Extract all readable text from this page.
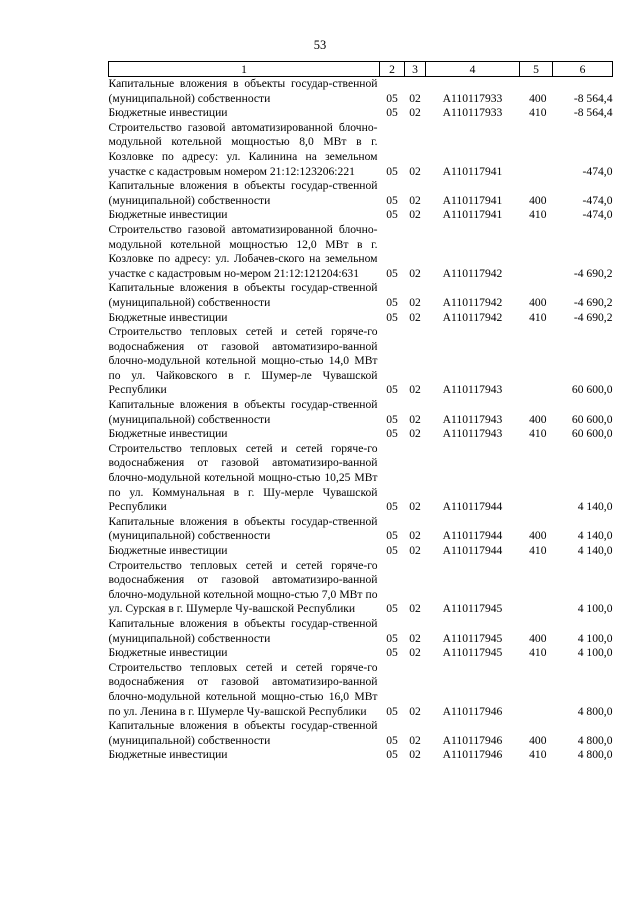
53
1	2	3	4	5	6
Капитальные вложения в объекты государ-ственной (муниципальной) собственности	05	02	А110117933	400	-8 564,4
Бюджетные инвестиции	05	02	А110117933	410	-8 564,4
Строительство газовой автоматизированной блочно-модульной котельной мощностью 8,0 МВт в г. Козловке по адресу: ул. Калинина на земельном участке с кадастровым номером 21:12:123206:221	05	02	А110117941		-474,0
Капитальные вложения в объекты государ-ственной (муниципальной) собственности	05	02	А110117941	400	-474,0
Бюджетные инвестиции	05	02	А110117941	410	-474,0
Строительство газовой автоматизированной блочно-модульной котельной мощностью 12,0 МВт в г. Козловке по адресу: ул. Лобачев-ского на земельном участке с кадастровым но-мером 21:12:121204:631	05	02	А110117942		-4 690,2
Капитальные вложения в объекты государ-ственной (муниципальной) собственности	05	02	А110117942	400	-4 690,2
Бюджетные инвестиции	05	02	А110117942	410	-4 690,2
Строительство тепловых сетей и сетей горяче-го водоснабжения от газовой автоматизиро-ванной блочно-модульной котельной мощно-стью 14,0 МВт по ул. Чайковского в г. Шумер-ле Чувашской Республики	05	02	А110117943		60 600,0
Капитальные вложения в объекты государ-ственной (муниципальной) собственности	05	02	А110117943	400	60 600,0
Бюджетные инвестиции	05	02	А110117943	410	60 600,0
Строительство тепловых сетей и сетей горяче-го водоснабжения от газовой автоматизиро-ванной блочно-модульной котельной мощно-стью 10,25 МВт по ул. Коммунальная в г. Шу-мерле Чувашской Республики	05	02	А110117944		4 140,0
Капитальные вложения в объекты государ-ственной (муниципальной) собственности	05	02	А110117944	400	4 140,0
Бюджетные инвестиции	05	02	А110117944	410	4 140,0
Строительство тепловых сетей и сетей горяче-го водоснабжения от газовой автоматизиро-ванной блочно-модульной котельной мощно-стью 7,0 МВт по ул. Сурская в г. Шумерле Чу-вашской Республики	05	02	А110117945		4 100,0
Капитальные вложения в объекты государ-ственной (муниципальной) собственности	05	02	А110117945	400	4 100,0
Бюджетные инвестиции	05	02	А110117945	410	4 100,0
Строительство тепловых сетей и сетей горяче-го водоснабжения от газовой автоматизиро-ванной блочно-модульной котельной мощно-стью 16,0 МВт по ул. Ленина в г. Шумерле Чу-вашской Республики	05	02	А110117946		4 800,0
Капитальные вложения в объекты государ-ственной (муниципальной) собственности	05	02	А110117946	400	4 800,0
Бюджетные инвестиции	05	02	А110117946	410	4 800,0
